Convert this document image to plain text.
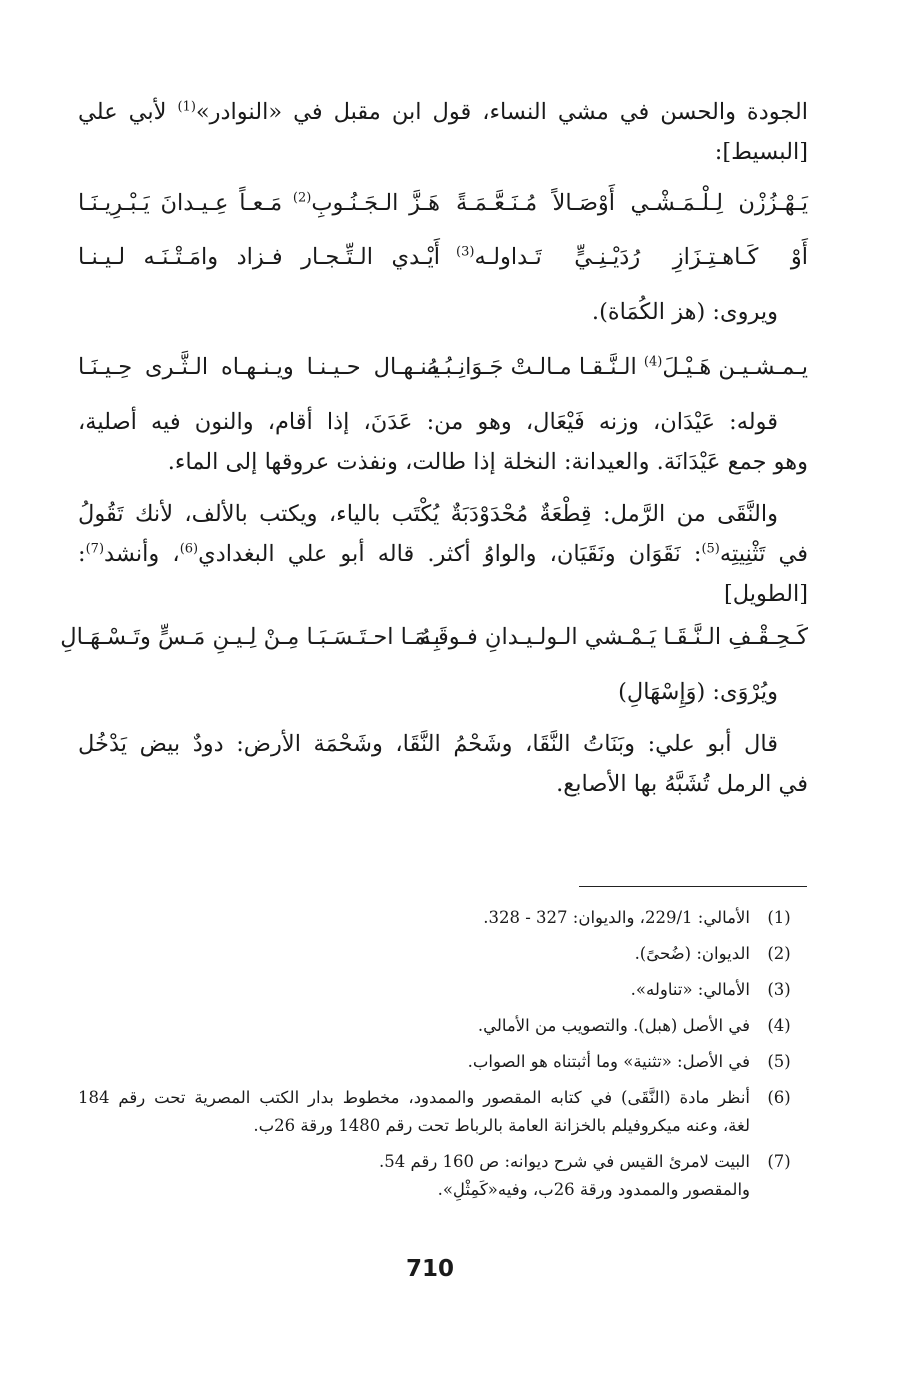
الجودة والحسن في مشي النساء، قول ابن مقبل في «النوادر»$^{(1)}$ لأبي علي
[البسيط]:
يَـهْـزُزْن لِـلْـمَـشْـي أَوْصَـالاً مُـنَـعَّـمَـةً
هَـزَّ الـجَـنُـوبِ$^{(2)}$ مَـعـاً عِـيـدانَ يَـبْـرِيـنَـا
أَوْ كَـاهـتِـزَازِ رُدَيْـنِـيٍّ تَـداولـه$^{(3)}$
أَيْـدي الـتِّـجـار فـزاد وامَـتْـنَـه لـيـنـا
ويروى: (هز الكُمَاة).
يـمـشـيـن هَـيْـلَ$^{(4)}$ الـنَّـقـا مـالـتْ جَـوَانِـبُـهُ
يـنـهـال حـيـنـا ويـنـهـاه الـثَّـرى حِـيـنَـا
قوله: عَيْدَان، وزنه فَيْعَال، وهو من: عَدَنَ، إذا أقام، والنون فيه أصلية،
وهو جمع عَيْدَانَة. والعيدانة: النخلة إذا طالت، ونفذت عروقها إلى الماء.
والنَّقَى من الرَّمل: قِطْعَةٌ مُحْدَوْدَبَةٌ يُكْتَب بالياء، ويكتب بالألف، لأنك تَقُولُ
في تَثْنِيتِه$^{(5)}$: نَقَوَان ونَقَيَان، والواوُ أكثر. قاله أبو علي البغدادي$^{(6)}$، وأنشد$^{(7)}$:
[الطويل]
كَـحِـقْـفِ الـنَّـقَـا يَـمْـشي الـولـيـدانِ فـوقَـهُ
بِـمَـا احـتَـسَـبَـا مِـنْ لِـيـنِ مَـسٍّ وتَـسْـهَـالِ
ويُرْوَى: (وَإِسْهَالِ)
قال أبو علي: وبَنَاتُ النَّقَا، وشَحْمُ النَّقَا، وشَحْمَة الأرض: دودٌ بيض يَدْخُل
في الرمل تُشَبَّهُ بها الأصابع.
(1)
الأمالي: 229/1، والديوان: 327 - 328.
(2)
الديوان: (ضُحىً).
(3)
الأمالي: «تناوله».
(4)
في الأصل (هبل). والتصويب من الأمالي.
(5)
في الأصل: «تثنية» وما أثبتناه هو الصواب.
(6)
أنظر مادة (النَّقَى) في كتابه المقصور والممدود، مخطوط بدار الكتب المصرية تحت رقم 184
لغة، وعنه ميكروفيلم بالخزانة العامة بالرباط تحت رقم 1480 ورقة 26ب.
(7)
البيت لامرئ القيس في شرح ديوانه: ص 160 رقم 54.
والمقصور والممدود ورقة 26ب، وفيه«كَمِثْلِ».
710
